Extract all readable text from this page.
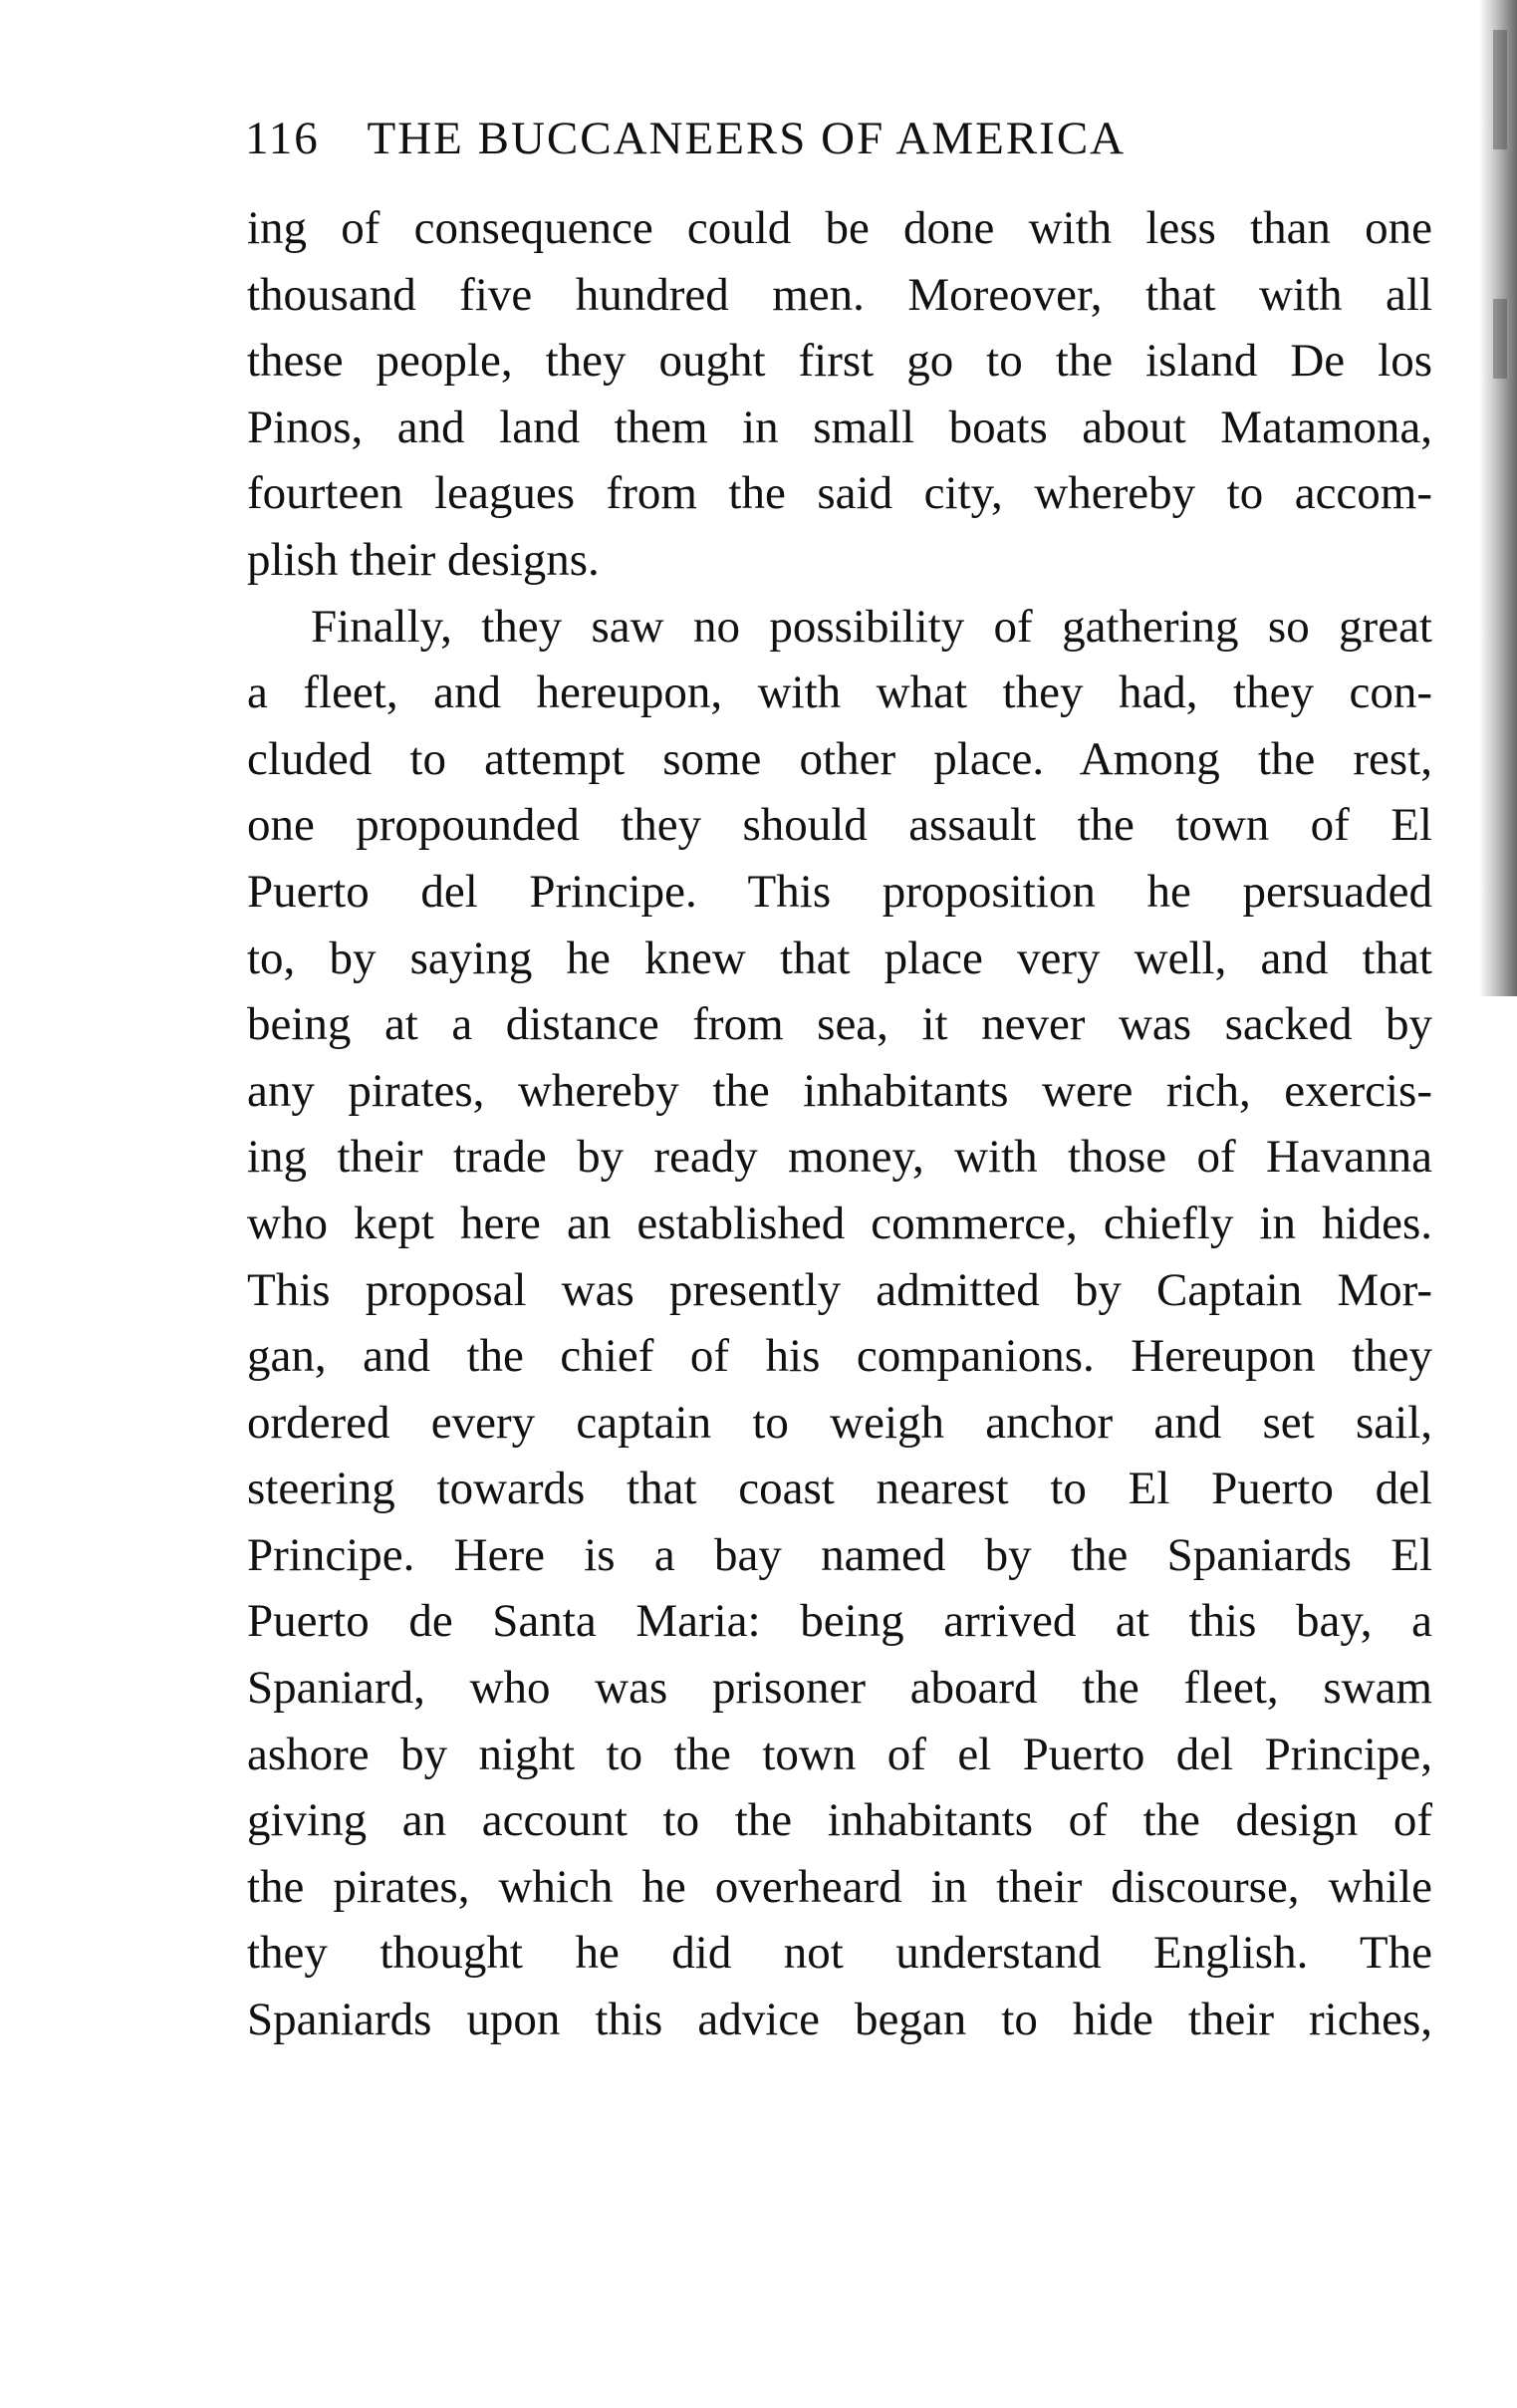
116 THE BUCCANEERS OF AMERICA
ing of consequence could be done with less than one
thousand five hundred men. Moreover, that with all
these people, they ought first go to the island De los
Pinos, and land them in small boats about Matamona,
fourteen leagues from the said city, whereby to accom-
plish their designs.
Finally, they saw no possibility of gathering so great
a fleet, and hereupon, with what they had, they con-
cluded to attempt some other place. Among the rest,
one propounded they should assault the town of El
Puerto del Principe. This proposition he persuaded
to, by saying he knew that place very well, and that
being at a distance from sea, it never was sacked by
any pirates, whereby the inhabitants were rich, exercis-
ing their trade by ready money, with those of Havanna
who kept here an established commerce, chiefly in hides.
This proposal was presently admitted by Captain Mor-
gan, and the chief of his companions. Hereupon they
ordered every captain to weigh anchor and set sail,
steering towards that coast nearest to El Puerto del
Principe. Here is a bay named by the Spaniards El
Puerto de Santa Maria: being arrived at this bay, a
Spaniard, who was prisoner aboard the fleet, swam
ashore by night to the town of el Puerto del Principe,
giving an account to the inhabitants of the design of
the pirates, which he overheard in their discourse, while
they thought he did not understand English. The
Spaniards upon this advice began to hide their riches,
